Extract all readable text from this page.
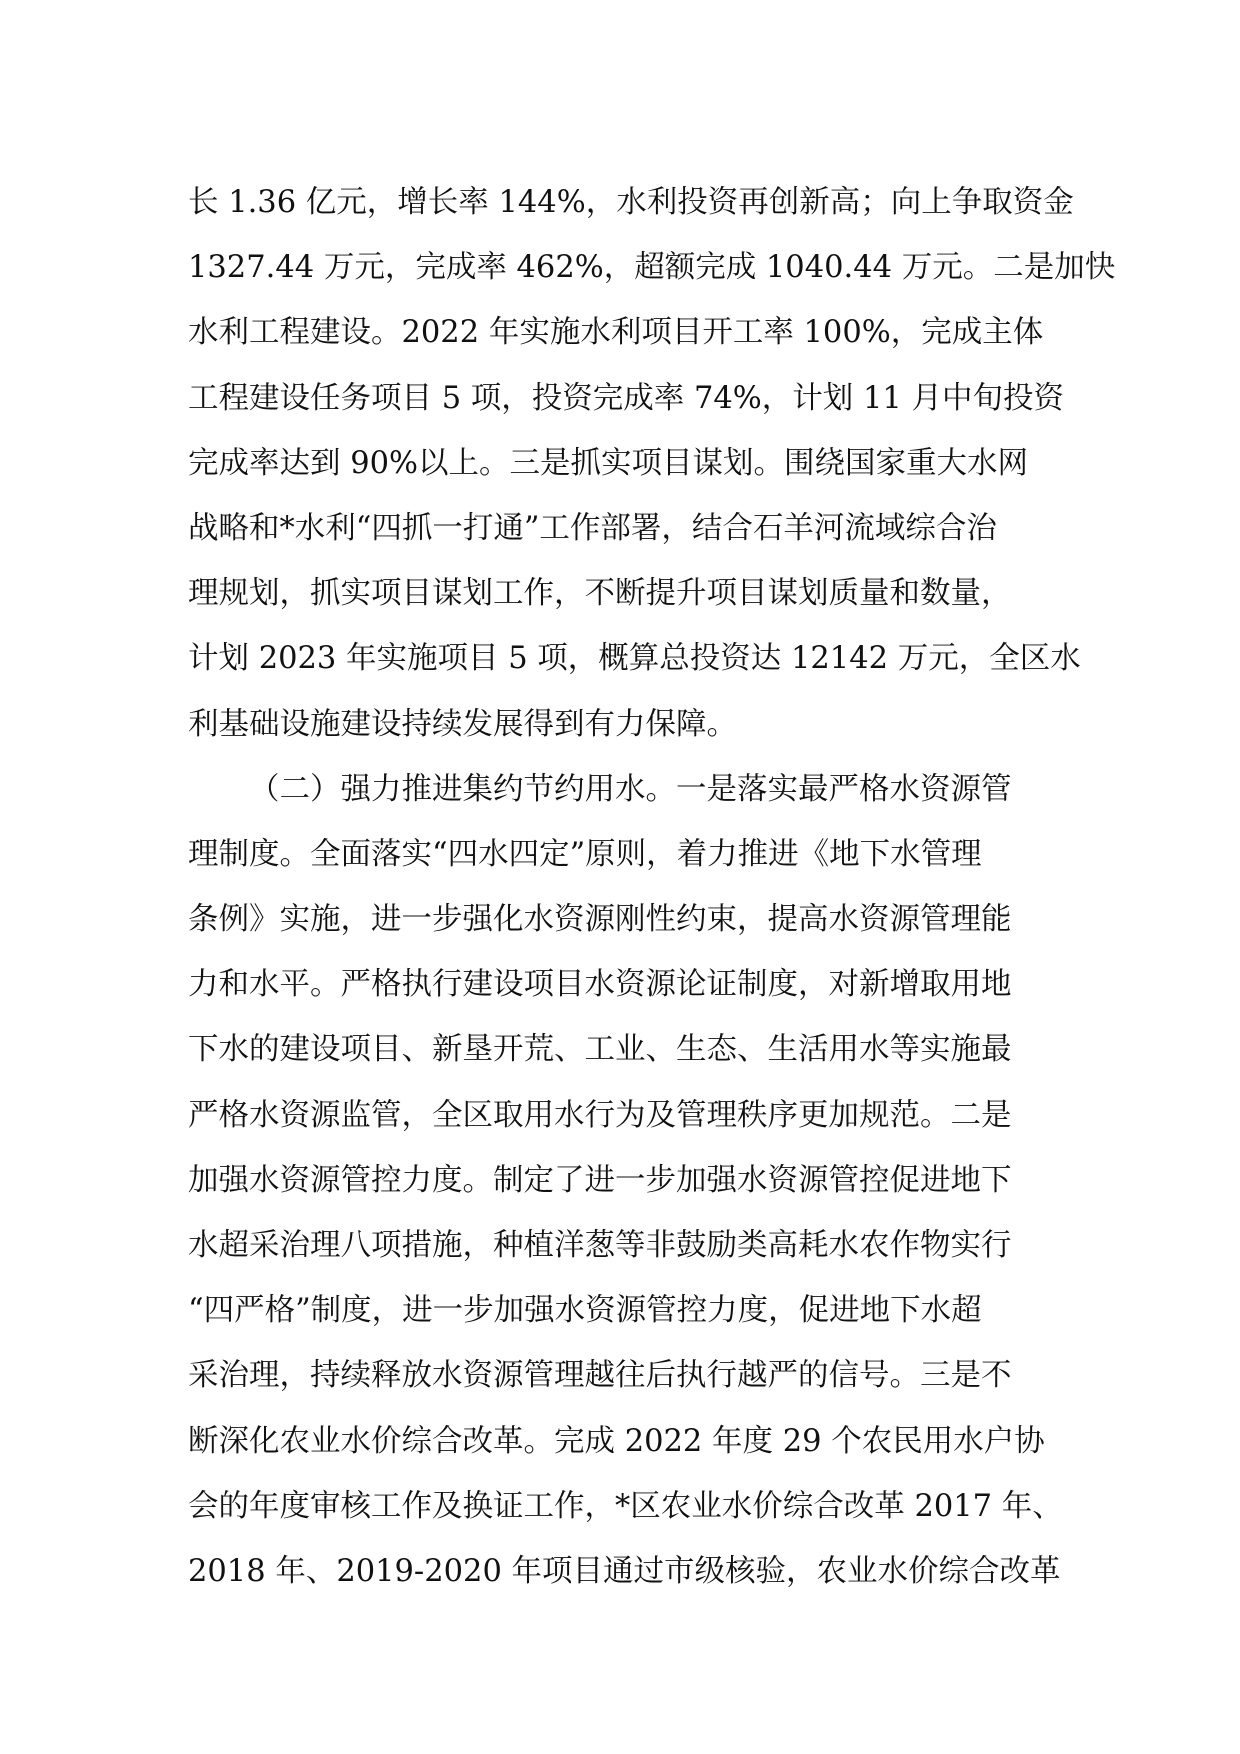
长 1.36 亿元，增长率 144%，水利投资再创新高；向上争取资金
1327.44 万元，完成率 462%，超额完成 1040.44 万元。二是加快
水利工程建设。2022 年实施水利项目开工率 100%，完成主体
工程建设任务项目 5 项，投资完成率 74%，计划 11 月中旬投资
完成率达到 90%以上。三是抓实项目谋划。围绕国家重大水网
战略和*水利“四抓一打通”工作部署，结合石羊河流域综合治
理规划，抓实项目谋划工作，不断提升项目谋划质量和数量，
计划 2023 年实施项目 5 项，概算总投资达 12142 万元，全区水
利基础设施建设持续发展得到有力保障。
（二）强力推进集约节约用水。一是落实最严格水资源管
理制度。全面落实“四水四定”原则，着力推进《地下水管理
条例》实施，进一步强化水资源刚性约束，提高水资源管理能
力和水平。严格执行建设项目水资源论证制度，对新增取用地
下水的建设项目、新垦开荒、工业、生态、生活用水等实施最
严格水资源监管，全区取用水行为及管理秩序更加规范。二是
加强水资源管控力度。制定了进一步加强水资源管控促进地下
水超采治理八项措施，种植洋葱等非鼓励类高耗水农作物实行
“四严格”制度，进一步加强水资源管控力度，促进地下水超
采治理，持续释放水资源管理越往后执行越严的信号。三是不
断深化农业水价综合改革。完成 2022 年度 29 个农民用水户协
会的年度审核工作及换证工作，*区农业水价综合改革 2017 年、
2018 年、2019-2020 年项目通过市级核验，农业水价综合改革
